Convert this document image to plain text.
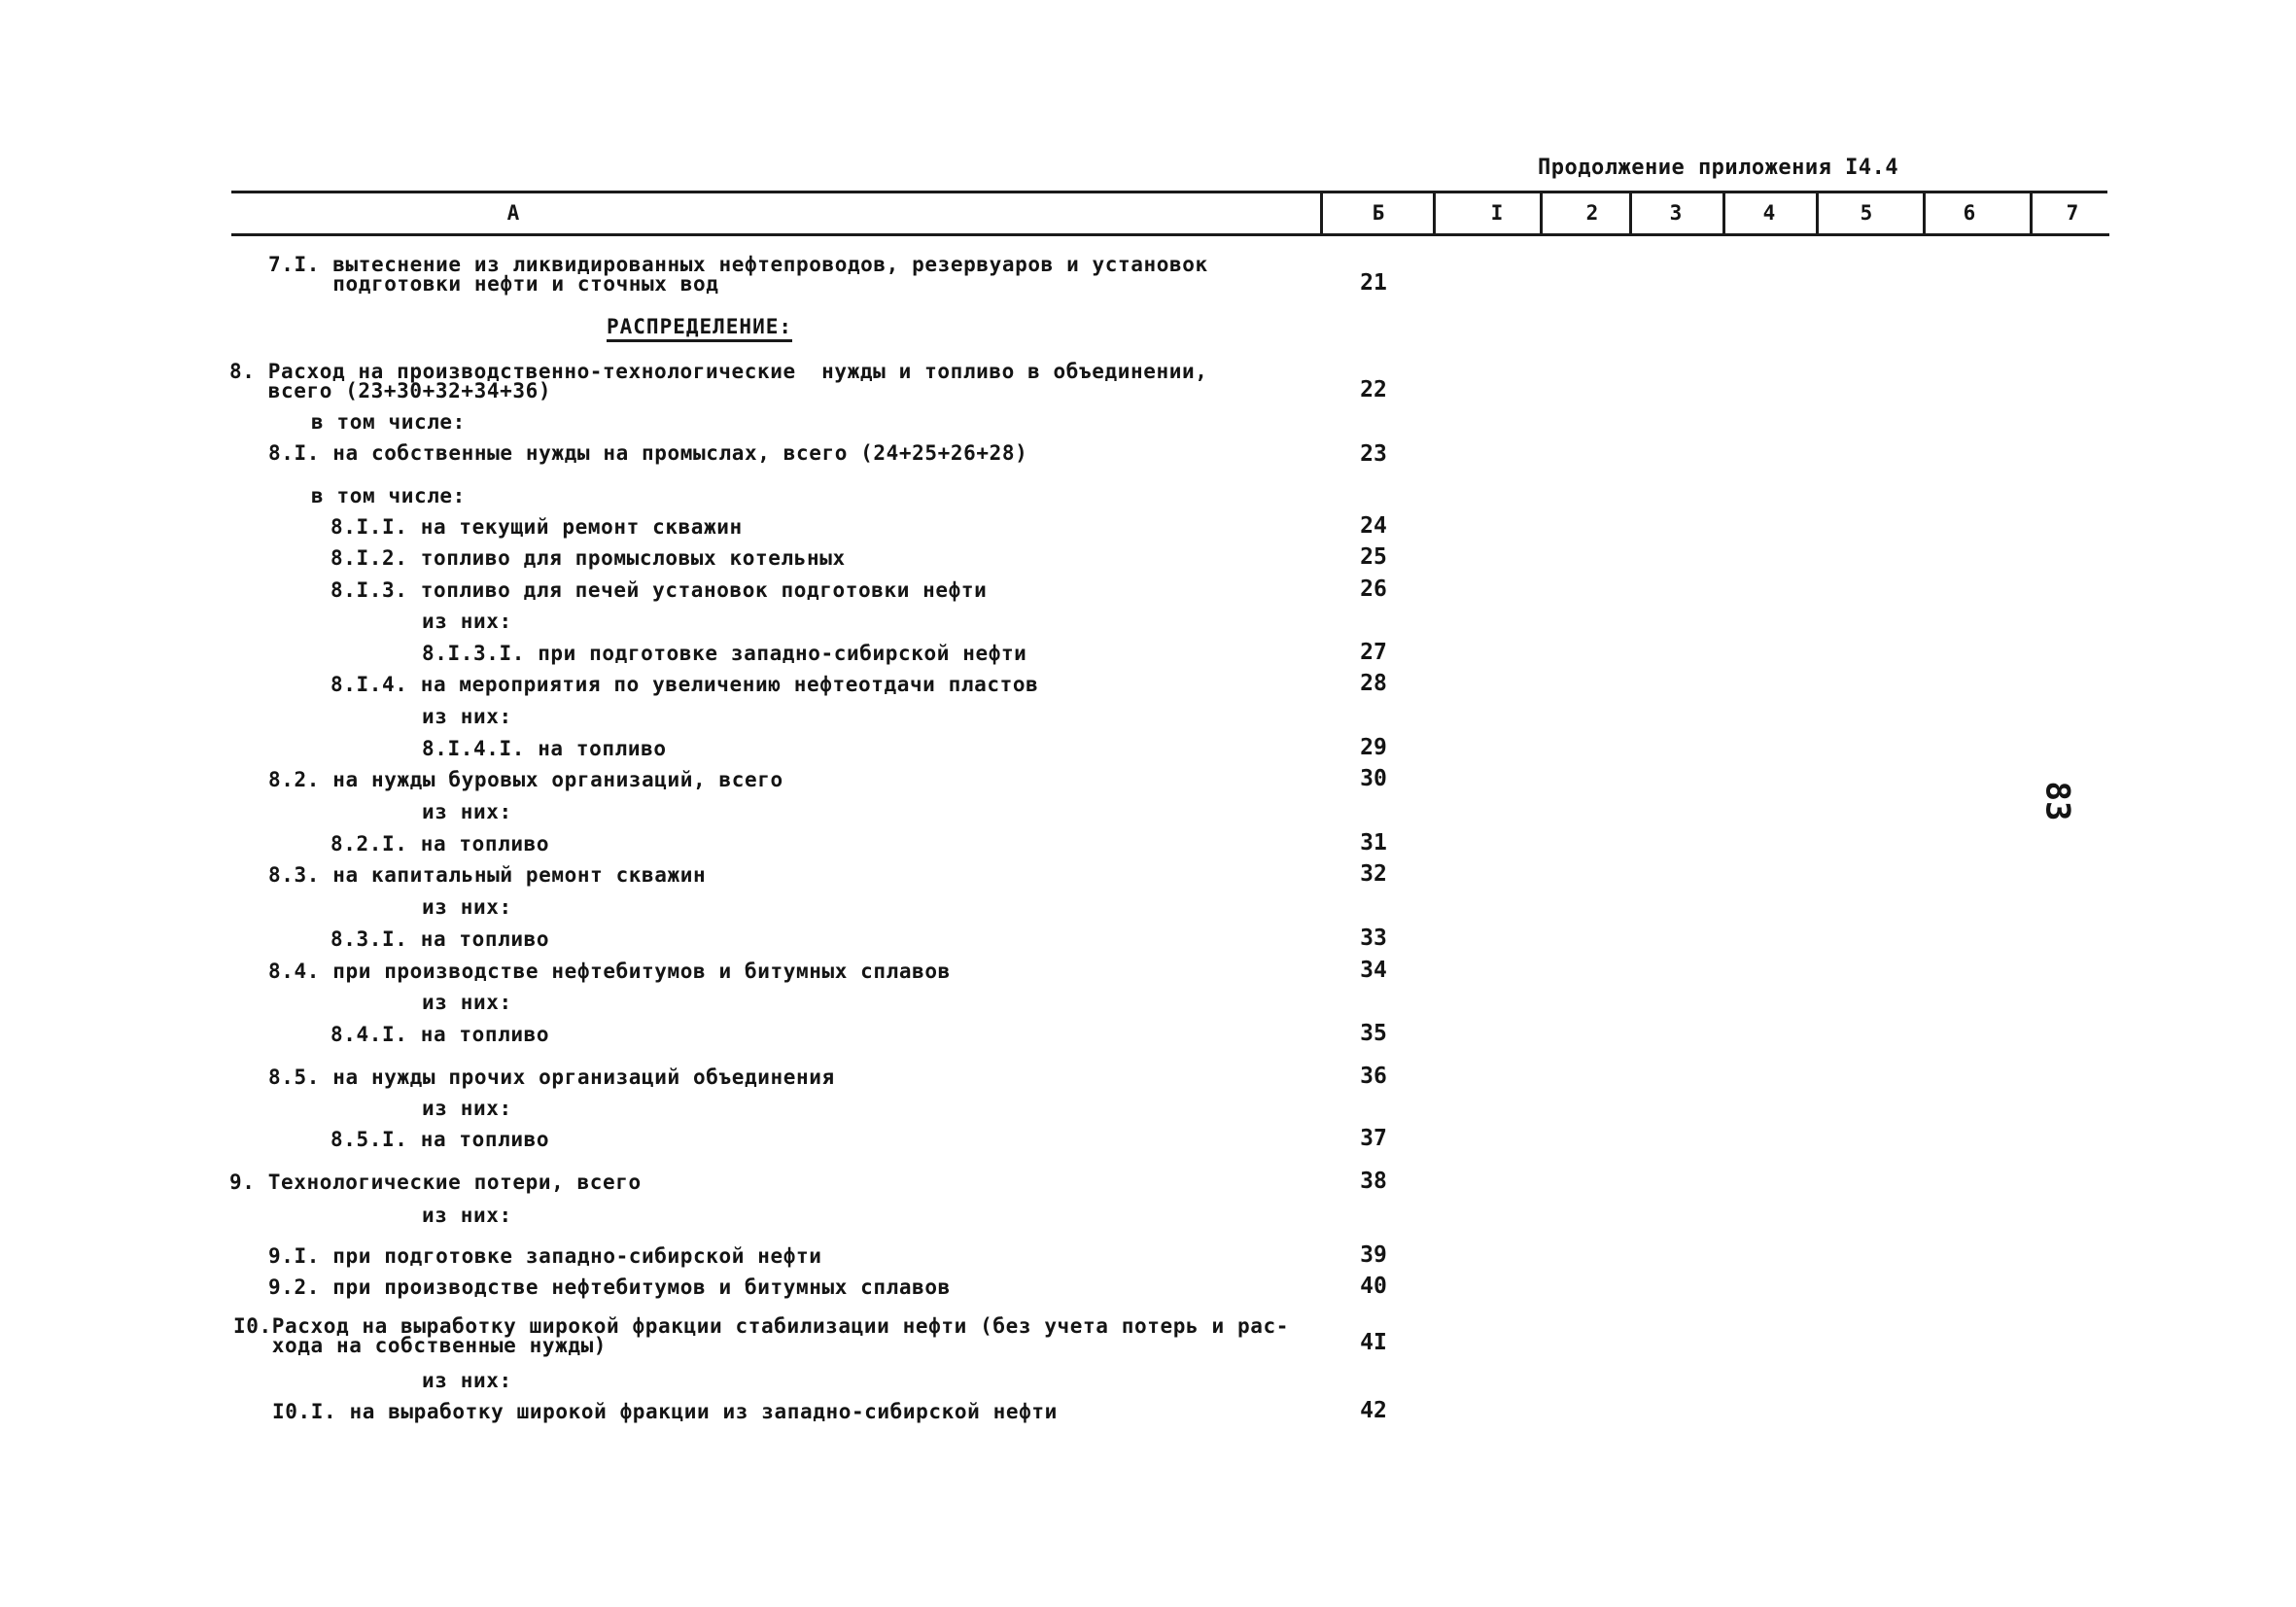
Продолжение приложения I4.4
А	Б	I	2	3	4	5	6	7
7.I. вытеснение из ликвидированных нефтепроводов, резервуаров и установок
подготовки нефти и сточных вод	21
РАСПРЕДЕЛЕНИЕ:
8. Расход на производственно-технологические  нужды и топливо в объединении,
всего (23+30+32+34+36)	22
в том числе:
8.I. на собственные нужды на промыслах, всего (24+25+26+28)	23
в том числе:
8.I.I. на текущий ремонт скважин	24
8.I.2. топливо для промысловых котельных	25
8.I.3. топливо для печей установок подготовки нефти	26
из них:
8.I.3.I. при подготовке западно-сибирской нефти	27
8.I.4. на мероприятия по увеличению нефтеотдачи пластов	28
из них:
8.I.4.I. на топливо	29
8.2. на нужды буровых организаций, всего	30
из них:
8.2.I. на топливо	31
8.3. на капитальный ремонт скважин	32
из них:
8.3.I. на топливо	33
8.4. при производстве нефтебитумов и битумных сплавов	34
из них:
8.4.I. на топливо	35
8.5. на нужды прочих организаций объединения	36
из них:
8.5.I. на топливо	37
9. Технологические потери, всего	38
из них:
9.I. при подготовке западно-сибирской нефти	39
9.2. при производстве нефтебитумов и битумных сплавов	40
I0.Расход на выработку широкой фракции стабилизации нефти (без учета потерь и рас-
хода на собственные нужды)	4I
из них:
I0.I. на выработку широкой фракции из западно-сибирской нефти	42
83
